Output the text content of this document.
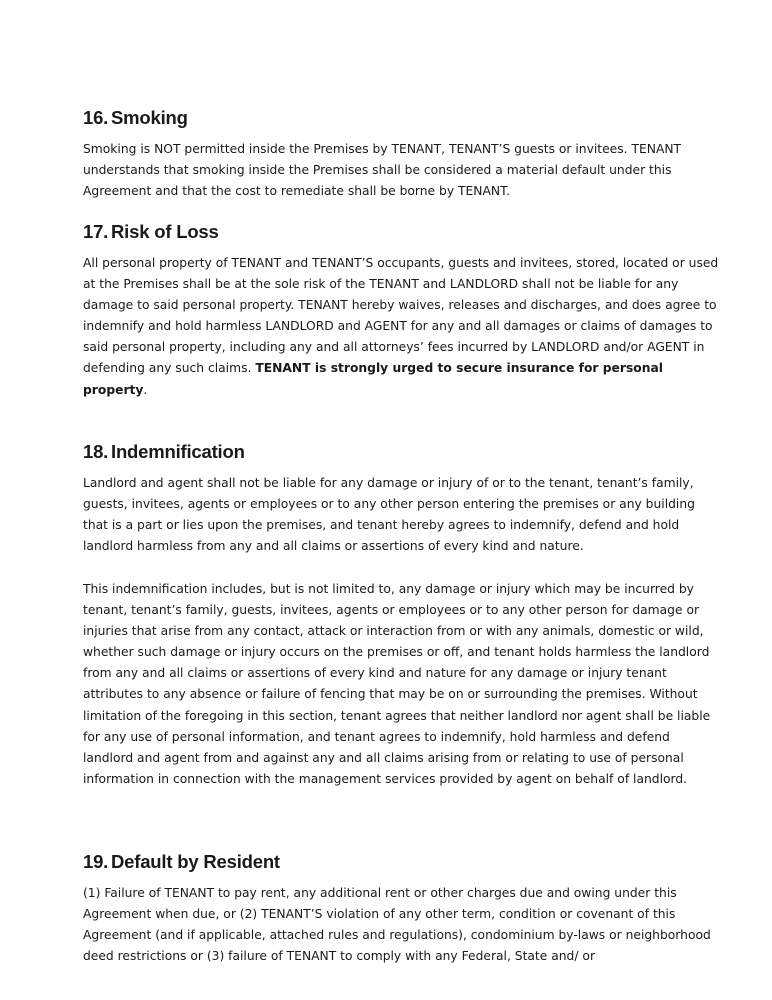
16. Smoking

Smoking is NOT permitted inside the Premises by TENANT, TENANT’S guests or invitees. TENANT understands that smoking inside the Premises shall be considered a material default under this Agreement and that the cost to remediate shall be borne by TENANT.

17. Risk of Loss

All personal property of TENANT and TENANT’S occupants, guests and invitees, stored, located or used at the Premises shall be at the sole risk of the TENANT and LANDLORD shall not be liable for any damage to said personal property. TENANT hereby waives, releases and discharges, and does agree to indemnify and hold harmless LANDLORD and AGENT for any and all damages or claims of damages to said personal property, including any and all attorneys’ fees incurred by LANDLORD and/or AGENT in defending any such claims. TENANT is strongly urged to secure insurance for personal property.

18. Indemnification

Landlord and agent shall not be liable for any damage or injury of or to the tenant, tenant’s family, guests, invitees, agents or employees or to any other person entering the premises or any building that is a part or lies upon the premises, and tenant hereby agrees to indemnify, defend and hold landlord harmless from any and all claims or assertions of every kind and nature.

This indemnification includes, but is not limited to, any damage or injury which may be incurred by tenant, tenant’s family, guests, invitees, agents or employees or to any other person for damage or injuries that arise from any contact, attack or interaction from or with any animals, domestic or wild, whether such damage or injury occurs on the premises or off, and tenant holds harmless the landlord from any and all claims or assertions of every kind and nature for any damage or injury tenant attributes to any absence or failure of fencing that may be on or surrounding the premises. Without limitation of the foregoing in this section, tenant agrees that neither landlord nor agent shall be liable for any use of personal information, and tenant agrees to indemnify, hold harmless and defend landlord and agent from and against any and all claims arising from or relating to use of personal information in connection with the management services provided by agent on behalf of landlord.

19. Default by Resident

(1) Failure of TENANT to pay rent, any additional rent or other charges due and owing under this Agreement when due, or (2) TENANT’S violation of any other term, condition or covenant of this Agreement (and if applicable, attached rules and regulations), condominium by-laws or neighborhood deed restrictions or (3) failure of TENANT to comply with any Federal, State and/ or
